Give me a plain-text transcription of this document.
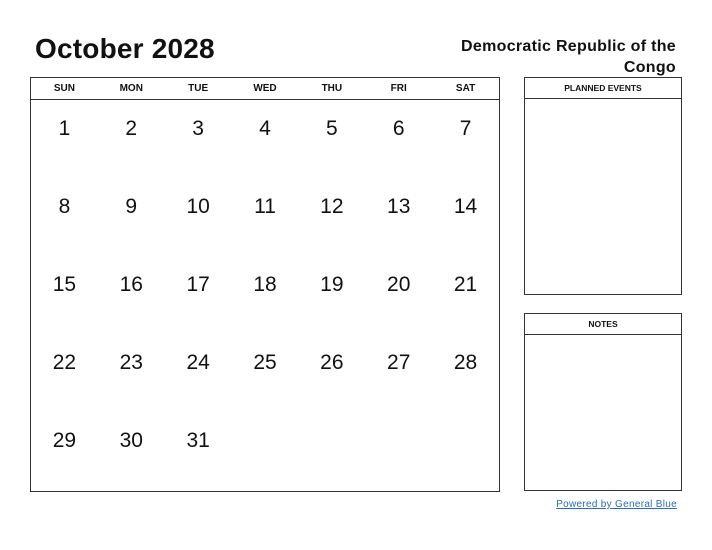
October 2028	Democratic Republic of the Congo
SUN	MON	TUE	WED	THU	FRI	SAT
1	2	3	4	5	6	7
8	9	10	11	12	13	14
15	16	17	18	19	20	21
22	23	24	25	26	27	28
29	30	31
PLANNED EVENTS
NOTES
Powered by General Blue
